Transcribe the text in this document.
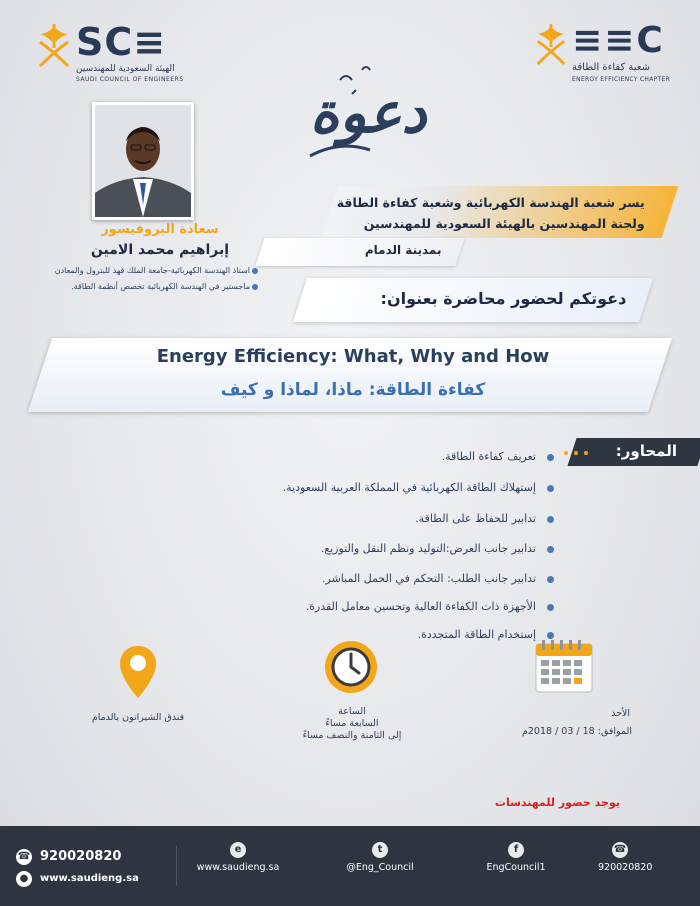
SC≡
الهيئة السعودية للمهندسين
SAUDI COUNCIL OF ENGINEERS
≡≡C
شعبة كفاءة الطاقة
ENERGY EFFICIENCY CHAPTER
دعوة
سعادة البروفيسور
إبراهيم محمد الامين
استاذ الهندسة الكهربائية-جامعة الملك فهد للبترول والمعادن
ماجستير في الهندسة الكهربائية تخصص أنظمة الطاقة.
يسر شعبة الهندسة الكهربائية وشعبة كفاءة الطاقة
ولجنة المهندسين بالهيئة السعودية للمهندسين
بمدينة الدمام
دعوتكم لحضور محاضرة بعنوان:
Energy Efficiency: What, Why and How
كفاءة الطاقة: ماذا، لماذا و كيف
المحاور:
تعريف كفاءة الطاقة.
إستهلاك الطاقة الكهربائية في المملكة العربية السعودية.
تدابير للحفاظ على الطاقة.
تدابير جانب العرض:التوليد ونظم النقل والتوزيع.
تدابير جانب الطلب: التحكم في الحمل المباشر.
الأجهزة ذات الكفاءة العالية وتحسين معامل القدرة.
إستخدام الطاقة المتجددة.
الأحد
الموافق: 18 / 03 / 2018م
الساعة
السابعة مساءً
إلى الثامنة والنصف مساءً
فندق الشيراتون بالدمام
يوجد حضور للمهندسات
☎ 920020820
●	www.saudieng.sa
☎
920020820
f
EngCouncil1
t
@Eng_Council
e
www.saudieng.sa
